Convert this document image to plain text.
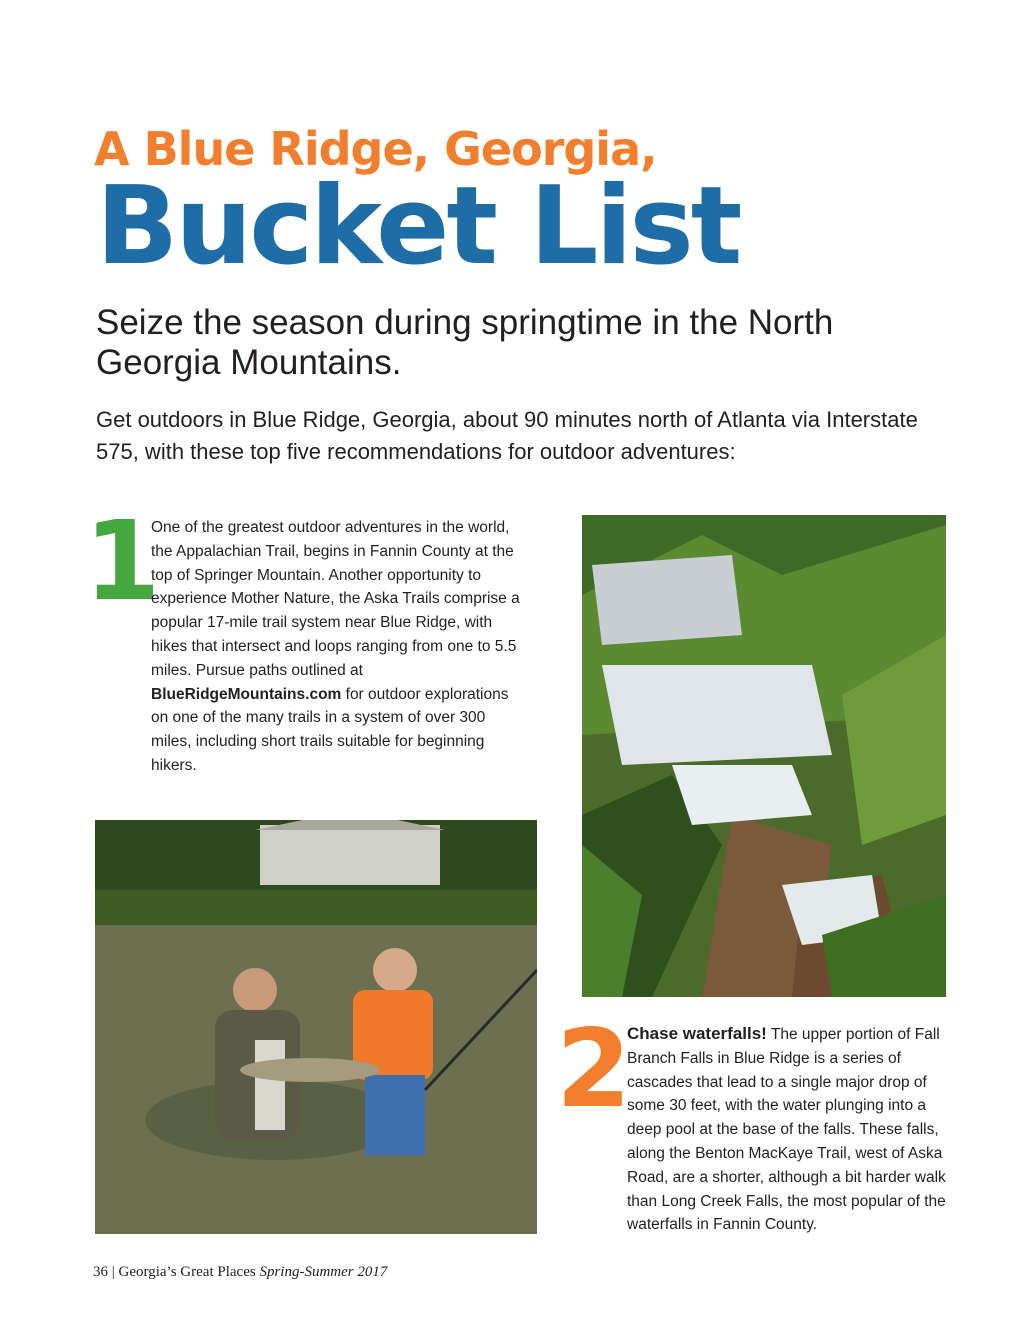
A Blue Ridge, Georgia,
Bucket List
Seize the season during springtime in the North Georgia Mountains.
Get outdoors in Blue Ridge, Georgia, about 90 minutes north of Atlanta via Interstate 575, with these top five recommendations for outdoor adventures:
1
One of the greatest outdoor adventures in the world, the Appalachian Trail, begins in Fannin County at the top of Springer Mountain. Another opportunity to experience Mother Nature, the Aska Trails comprise a popular 17-mile trail system near Blue Ridge, with hikes that intersect and loops ranging from one to 5.5 miles. Pursue paths outlined at BlueRidgeMountains.com for outdoor explorations on one of the many trails in a system of over 300 miles, including short trails suitable for beginning hikers.
2 Chase waterfalls! The upper portion of Fall Branch Falls in Blue Ridge is a series of cascades that lead to a single major drop of some 30 feet, with the water plunging into a deep pool at the base of the falls. These falls, along the Benton MacKaye Trail, west of Aska Road, are a shorter, although a bit harder walk than Long Creek Falls, the most popular of the waterfalls in Fannin County.
36 | Georgia’s Great Places Spring-Summer 2017
